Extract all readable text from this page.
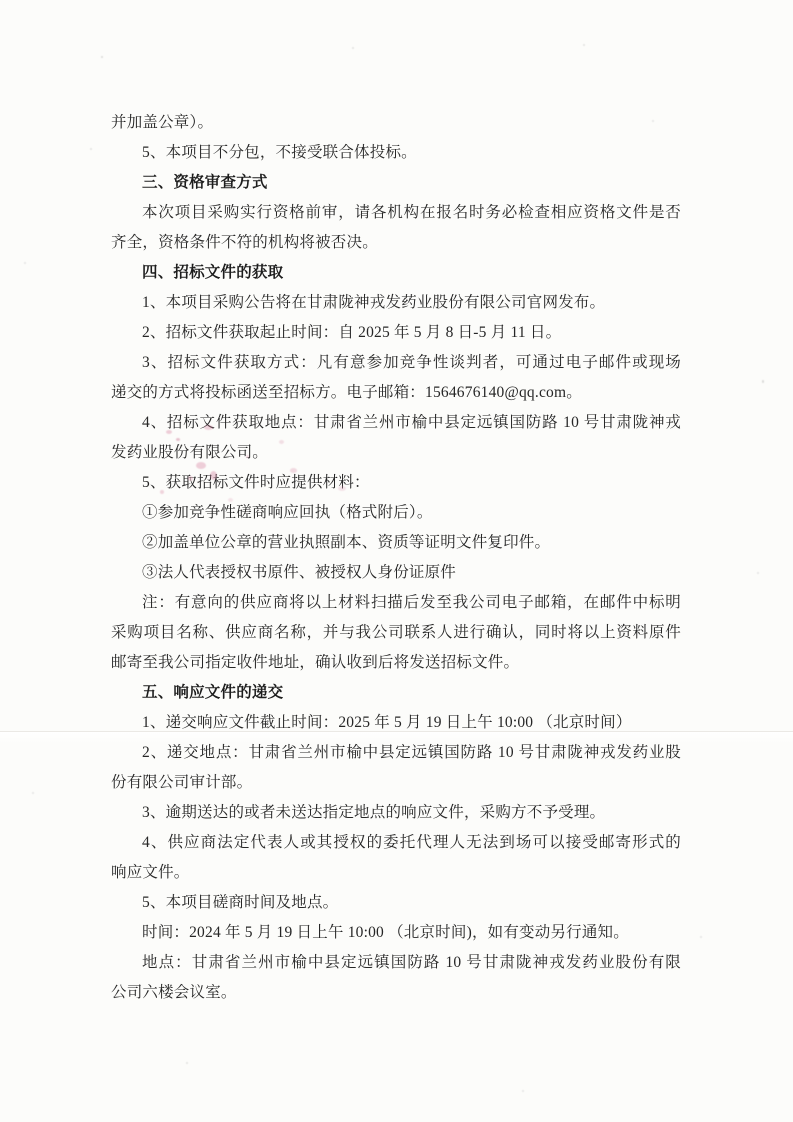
并加盖公章）。
5、本项目不分包，不接受联合体投标。
三、资格审查方式
本次项目采购实行资格前审，请各机构在报名时务必检查相应资格文件是否
齐全，资格条件不符的机构将被否决。
四、招标文件的获取
1、本项目采购公告将在甘肃陇神戎发药业股份有限公司官网发布。
2、招标文件获取起止时间：自 2025 年 5 月 8 日-5 月 11 日。
3、招标文件获取方式：凡有意参加竞争性谈判者，可通过电子邮件或现场
递交的方式将投标函送至招标方。电子邮箱：1564676140@qq.com。
4、招标文件获取地点：甘肃省兰州市榆中县定远镇国防路 10 号甘肃陇神戎
发药业股份有限公司。
5、获取招标文件时应提供材料：
①参加竞争性磋商响应回执（格式附后）。
②加盖单位公章的营业执照副本、资质等证明文件复印件。
③法人代表授权书原件、被授权人身份证原件
注：有意向的供应商将以上材料扫描后发至我公司电子邮箱，在邮件中标明
采购项目名称、供应商名称，并与我公司联系人进行确认，同时将以上资料原件
邮寄至我公司指定收件地址，确认收到后将发送招标文件。
五、响应文件的递交
1、递交响应文件截止时间：2025 年 5 月 19 日上午 10:00 （北京时间）
2、递交地点：甘肃省兰州市榆中县定远镇国防路 10 号甘肃陇神戎发药业股
份有限公司审计部。
3、逾期送达的或者未送达指定地点的响应文件，采购方不予受理。
4、供应商法定代表人或其授权的委托代理人无法到场可以接受邮寄形式的
响应文件。
5、本项目磋商时间及地点。
时间：2024 年 5 月 19 日上午 10:00 （北京时间)，如有变动另行通知。
地点：甘肃省兰州市榆中县定远镇国防路 10 号甘肃陇神戎发药业股份有限
公司六楼会议室。
